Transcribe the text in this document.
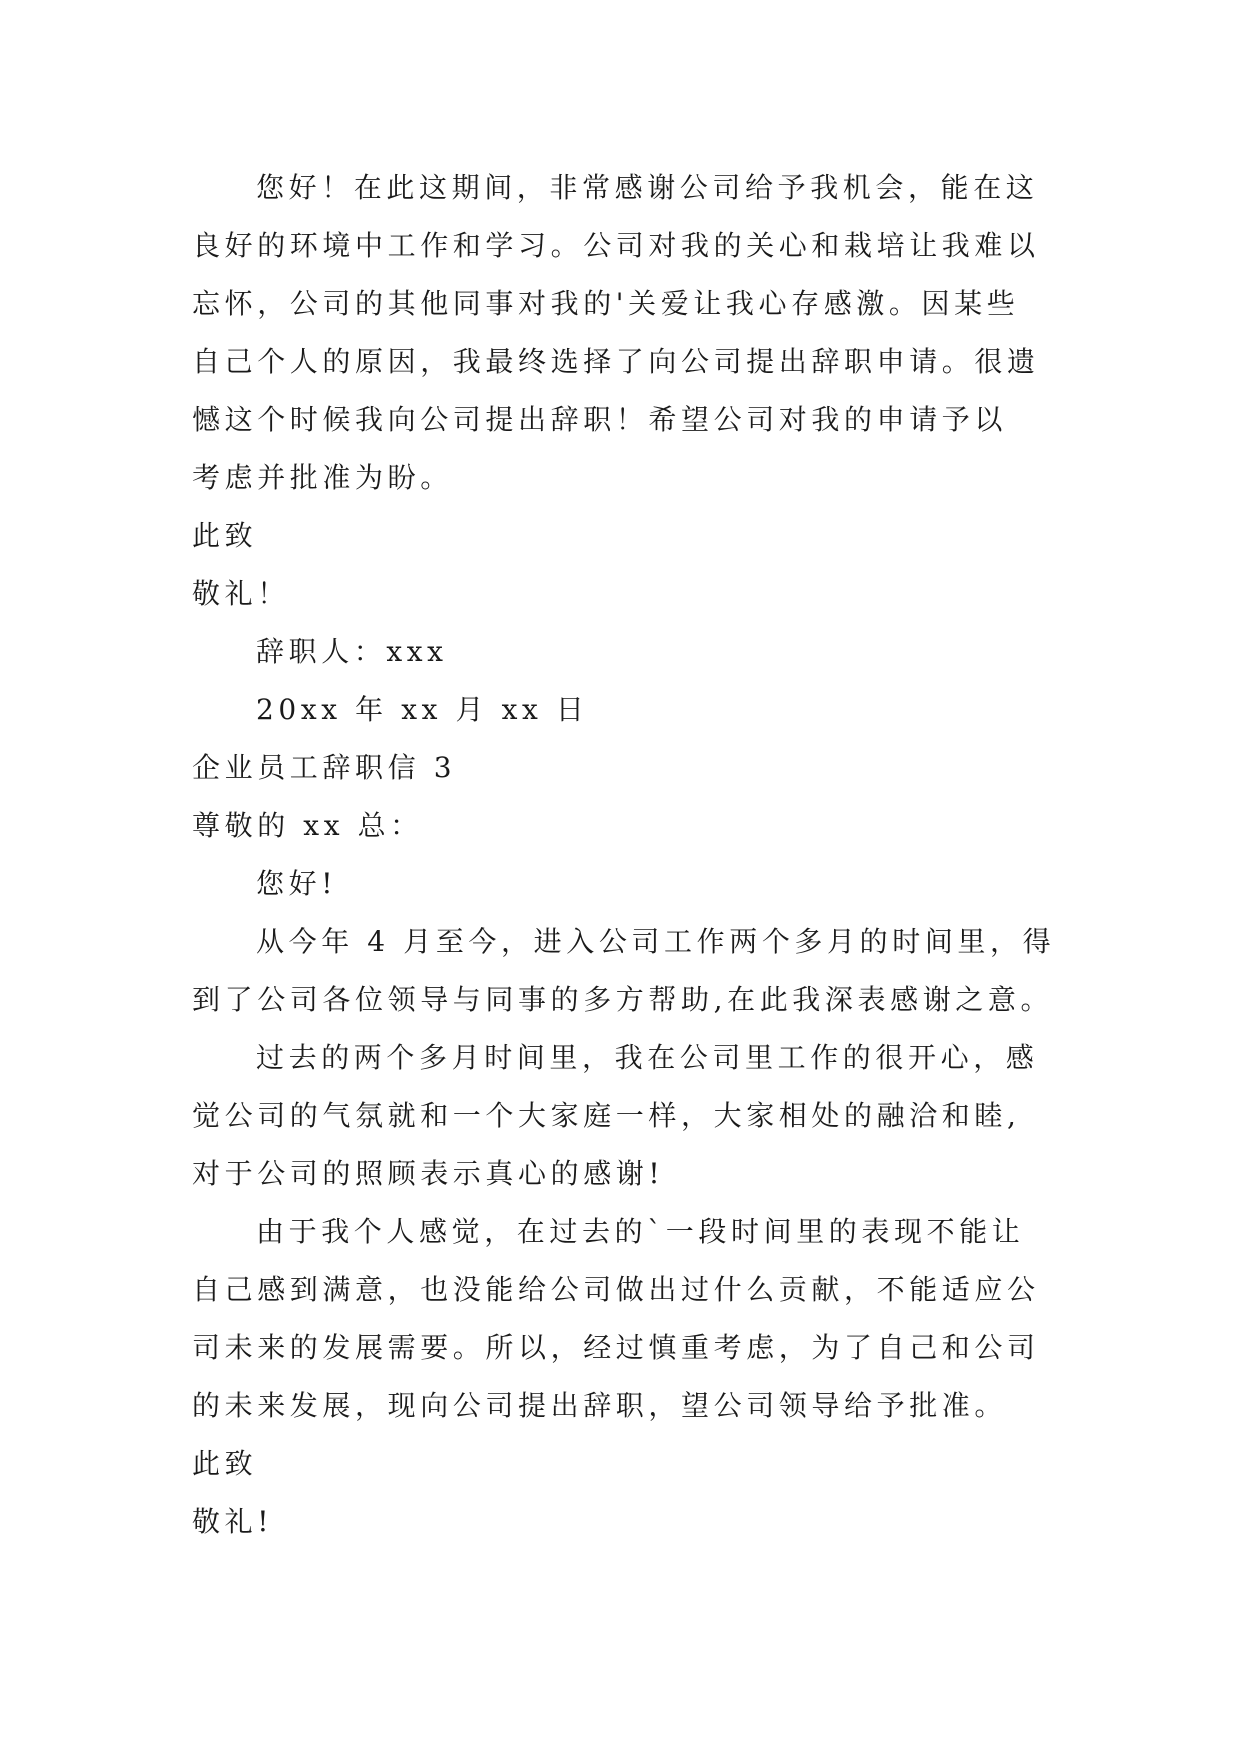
您好！在此这期间，非常感谢公司给予我机会，能在这
良好的环境中工作和学习。公司对我的关心和栽培让我难以
忘怀，公司的其他同事对我的'关爱让我心存感激。因某些
自己个人的原因，我最终选择了向公司提出辞职申请。很遗
憾这个时候我向公司提出辞职！希望公司对我的申请予以
考虑并批准为盼。
此致
敬礼！
辞职人：xxx
20xx 年 xx 月 xx 日
企业员工辞职信 3
尊敬的 xx 总：
您好!
从今年 4 月至今，进入公司工作两个多月的时间里，得
到了公司各位领导与同事的多方帮助,在此我深表感谢之意。
过去的两个多月时间里，我在公司里工作的很开心，感
觉公司的气氛就和一个大家庭一样，大家相处的融洽和睦,
对于公司的照顾表示真心的感谢!
由于我个人感觉，在过去的`一段时间里的表现不能让
自己感到满意，也没能给公司做出过什么贡献，不能适应公
司未来的发展需要。所以，经过慎重考虑，为了自己和公司
的未来发展，现向公司提出辞职，望公司领导给予批准。
此致
敬礼!
